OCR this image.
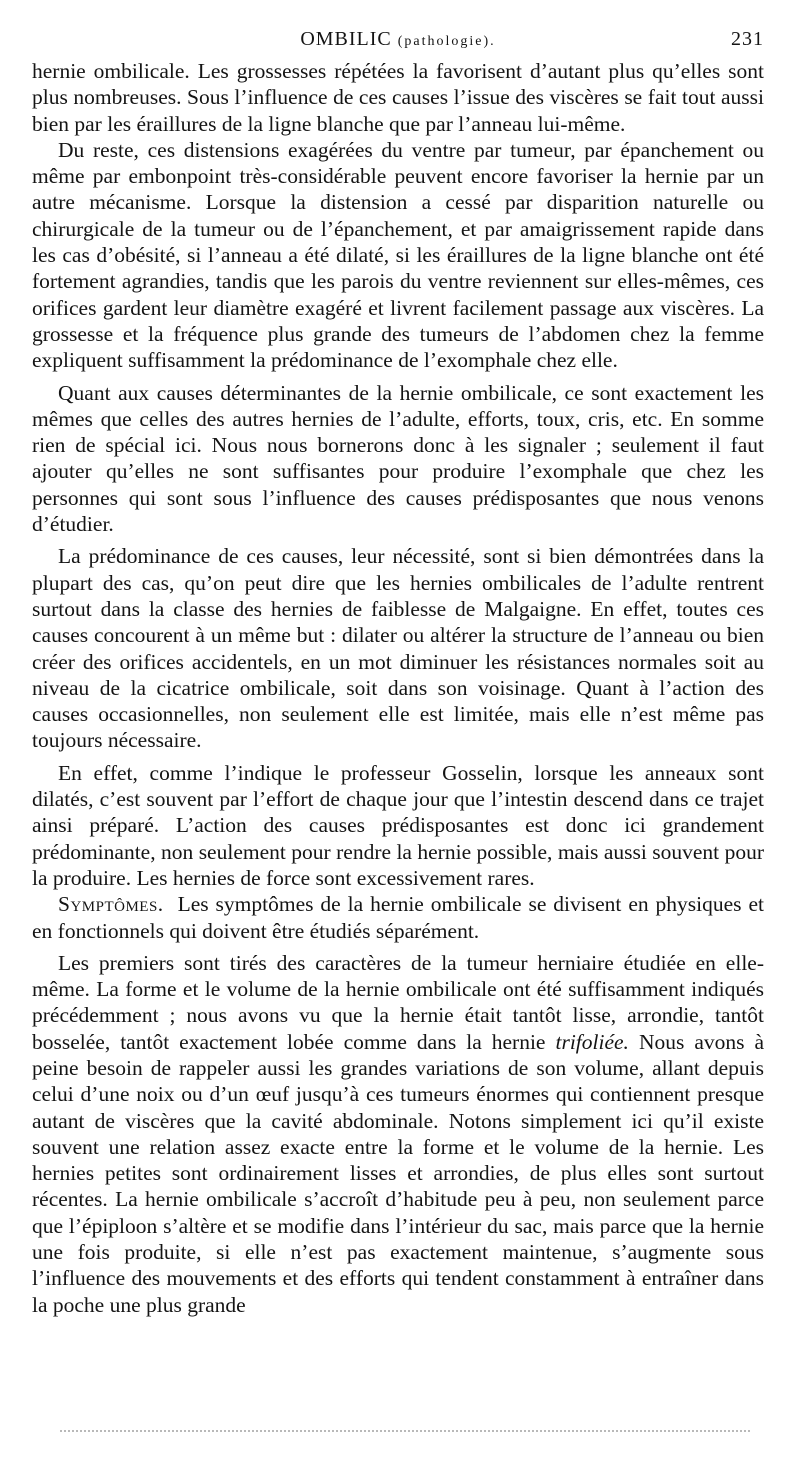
OMBILIC (pathologie).	231

hernie ombilicale. Les grossesses répétées la favorisent d’autant plus qu’elles sont plus nombreuses. Sous l’influence de ces causes l’issue des viscères se fait tout aussi bien par les éraillures de la ligne blanche que par l’anneau lui-même.

Du reste, ces distensions exagérées du ventre par tumeur, par épanchement ou même par embonpoint très-considérable peuvent encore favoriser la hernie par un autre mécanisme. Lorsque la distension a cessé par disparition naturelle ou chirurgicale de la tumeur ou de l’épanchement, et par amaigrissement rapide dans les cas d’obésité, si l’anneau a été dilaté, si les éraillures de la ligne blanche ont été fortement agrandies, tandis que les parois du ventre reviennent sur elles-mêmes, ces orifices gardent leur diamètre exagéré et livrent facilement passage aux viscères. La grossesse et la fréquence plus grande des tumeurs de l’abdomen chez la femme expliquent suffisamment la prédominance de l’exomphale chez elle.

Quant aux causes déterminantes de la hernie ombilicale, ce sont exactement les mêmes que celles des autres hernies de l’adulte, efforts, toux, cris, etc. En somme rien de spécial ici. Nous nous bornerons donc à les signaler ; seulement il faut ajouter qu’elles ne sont suffisantes pour produire l’exomphale que chez les personnes qui sont sous l’influence des causes prédisposantes que nous venons d’étudier.

La prédominance de ces causes, leur nécessité, sont si bien démontrées dans la plupart des cas, qu’on peut dire que les hernies ombilicales de l’adulte rentrent surtout dans la classe des hernies de faiblesse de Malgaigne. En effet, toutes ces causes concourent à un même but : dilater ou altérer la structure de l’anneau ou bien créer des orifices accidentels, en un mot diminuer les résistances normales soit au niveau de la cicatrice ombilicale, soit dans son voisinage. Quant à l’action des causes occasionnelles, non seulement elle est limitée, mais elle n’est même pas toujours nécessaire.

En effet, comme l’indique le professeur Gosselin, lorsque les anneaux sont dilatés, c’est souvent par l’effort de chaque jour que l’intestin descend dans ce trajet ainsi préparé. L’action des causes prédisposantes est donc ici grandement prédominante, non seulement pour rendre la hernie possible, mais aussi souvent pour la produire. Les hernies de force sont excessivement rares.

Symptômes. Les symptômes de la hernie ombilicale se divisent en physiques et en fonctionnels qui doivent être étudiés séparément.

Les premiers sont tirés des caractères de la tumeur herniaire étudiée en elle-même. La forme et le volume de la hernie ombilicale ont été suffisamment indiqués précédemment ; nous avons vu que la hernie était tantôt lisse, arrondie, tantôt bosselée, tantôt exactement lobée comme dans la hernie trifoliée. Nous avons à peine besoin de rappeler aussi les grandes variations de son volume, allant depuis celui d’une noix ou d’un œuf jusqu’à ces tumeurs énormes qui contiennent presque autant de viscères que la cavité abdominale. Notons simplement ici qu’il existe souvent une relation assez exacte entre la forme et le volume de la hernie. Les hernies petites sont ordinairement lisses et arrondies, de plus elles sont surtout récentes. La hernie ombilicale s’accroît d’habitude peu à peu, non seulement parce que l’épiploon s’altère et se modifie dans l’intérieur du sac, mais parce que la hernie une fois produite, si elle n’est pas exactement maintenue, s’augmente sous l’influence des mouvements et des efforts qui tendent constamment à entraîner dans la poche une plus grande
